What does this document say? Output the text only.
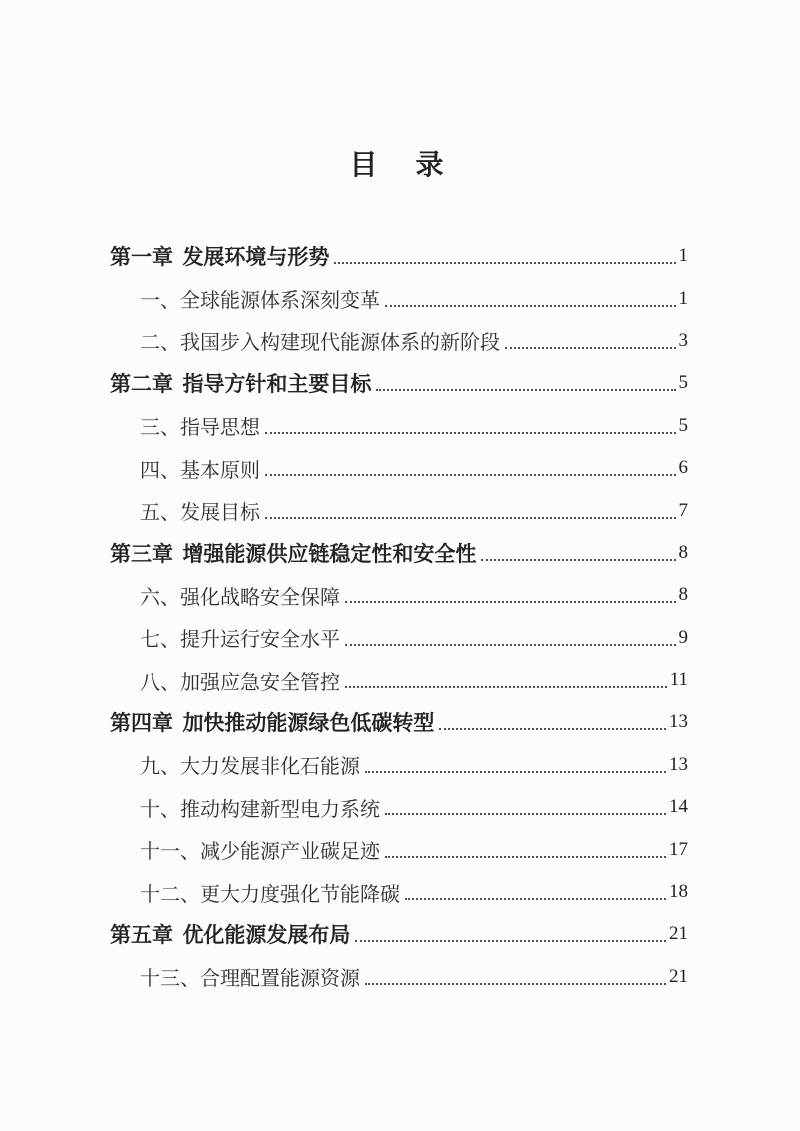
目　录
第一章 发展环境与形势	1
一、 全球能源体系深刻变革	1
二、 我国步入构建现代能源体系的新阶段	3
第二章 指导方针和主要目标	5
三、 指导思想	5
四、 基本原则	6
五、 发展目标	7
第三章 增强能源供应链稳定性和安全性	8
六、 强化战略安全保障	8
七、 提升运行安全水平	9
八、 加强应急安全管控	11
第四章 加快推动能源绿色低碳转型	13
九、 大力发展非化石能源	13
十、 推动构建新型电力系统	14
十一、 减少能源产业碳足迹	17
十二、 更大力度强化节能降碳	18
第五章 优化能源发展布局	21
十三、 合理配置能源资源	21
